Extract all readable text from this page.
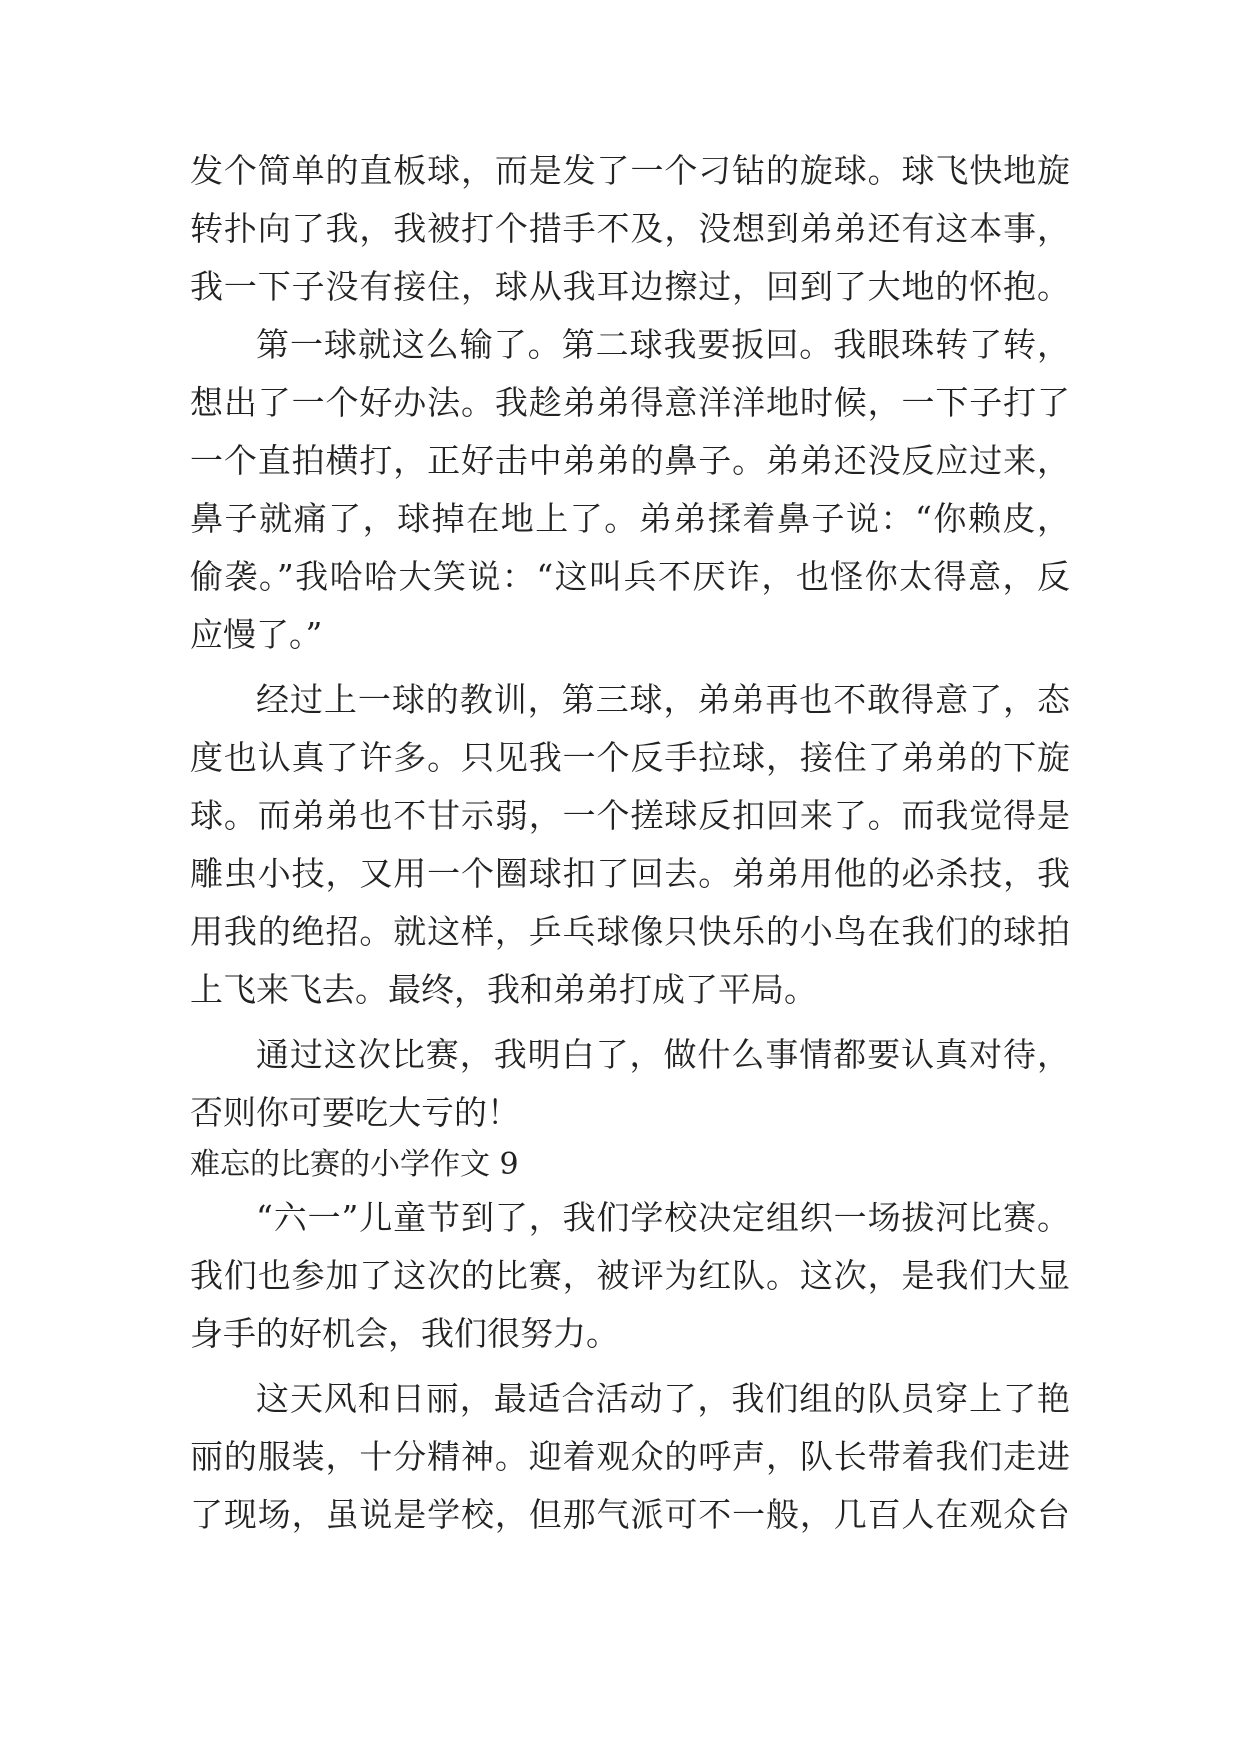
发个简单的直板球，而是发了一个刁钻的旋球。球飞快地旋
转扑向了我，我被打个措手不及，没想到弟弟还有这本事，
我一下子没有接住，球从我耳边擦过，回到了大地的怀抱。
第一球就这么输了。第二球我要扳回。我眼珠转了转，
想出了一个好办法。我趁弟弟得意洋洋地时候，一下子打了
一个直拍横打，正好击中弟弟的鼻子。弟弟还没反应过来，
鼻子就痛了，球掉在地上了。弟弟揉着鼻子说：“你赖皮，
偷袭。”我哈哈大笑说：“这叫兵不厌诈，也怪你太得意，反
应慢了。”
经过上一球的教训，第三球，弟弟再也不敢得意了，态
度也认真了许多。只见我一个反手拉球，接住了弟弟的下旋
球。而弟弟也不甘示弱，一个搓球反扣回来了。而我觉得是
雕虫小技，又用一个圈球扣了回去。弟弟用他的必杀技，我
用我的绝招。就这样，乒乓球像只快乐的小鸟在我们的球拍
上飞来飞去。最终，我和弟弟打成了平局。
通过这次比赛，我明白了，做什么事情都要认真对待，
否则你可要吃大亏的！
难忘的比赛的小学作文 9
“六一”儿童节到了，我们学校决定组织一场拔河比赛。
我们也参加了这次的比赛，被评为红队。这次，是我们大显
身手的好机会，我们很努力。
这天风和日丽，最适合活动了，我们组的队员穿上了艳
丽的服装，十分精神。迎着观众的呼声，队长带着我们走进
了现场，虽说是学校，但那气派可不一般，几百人在观众台
